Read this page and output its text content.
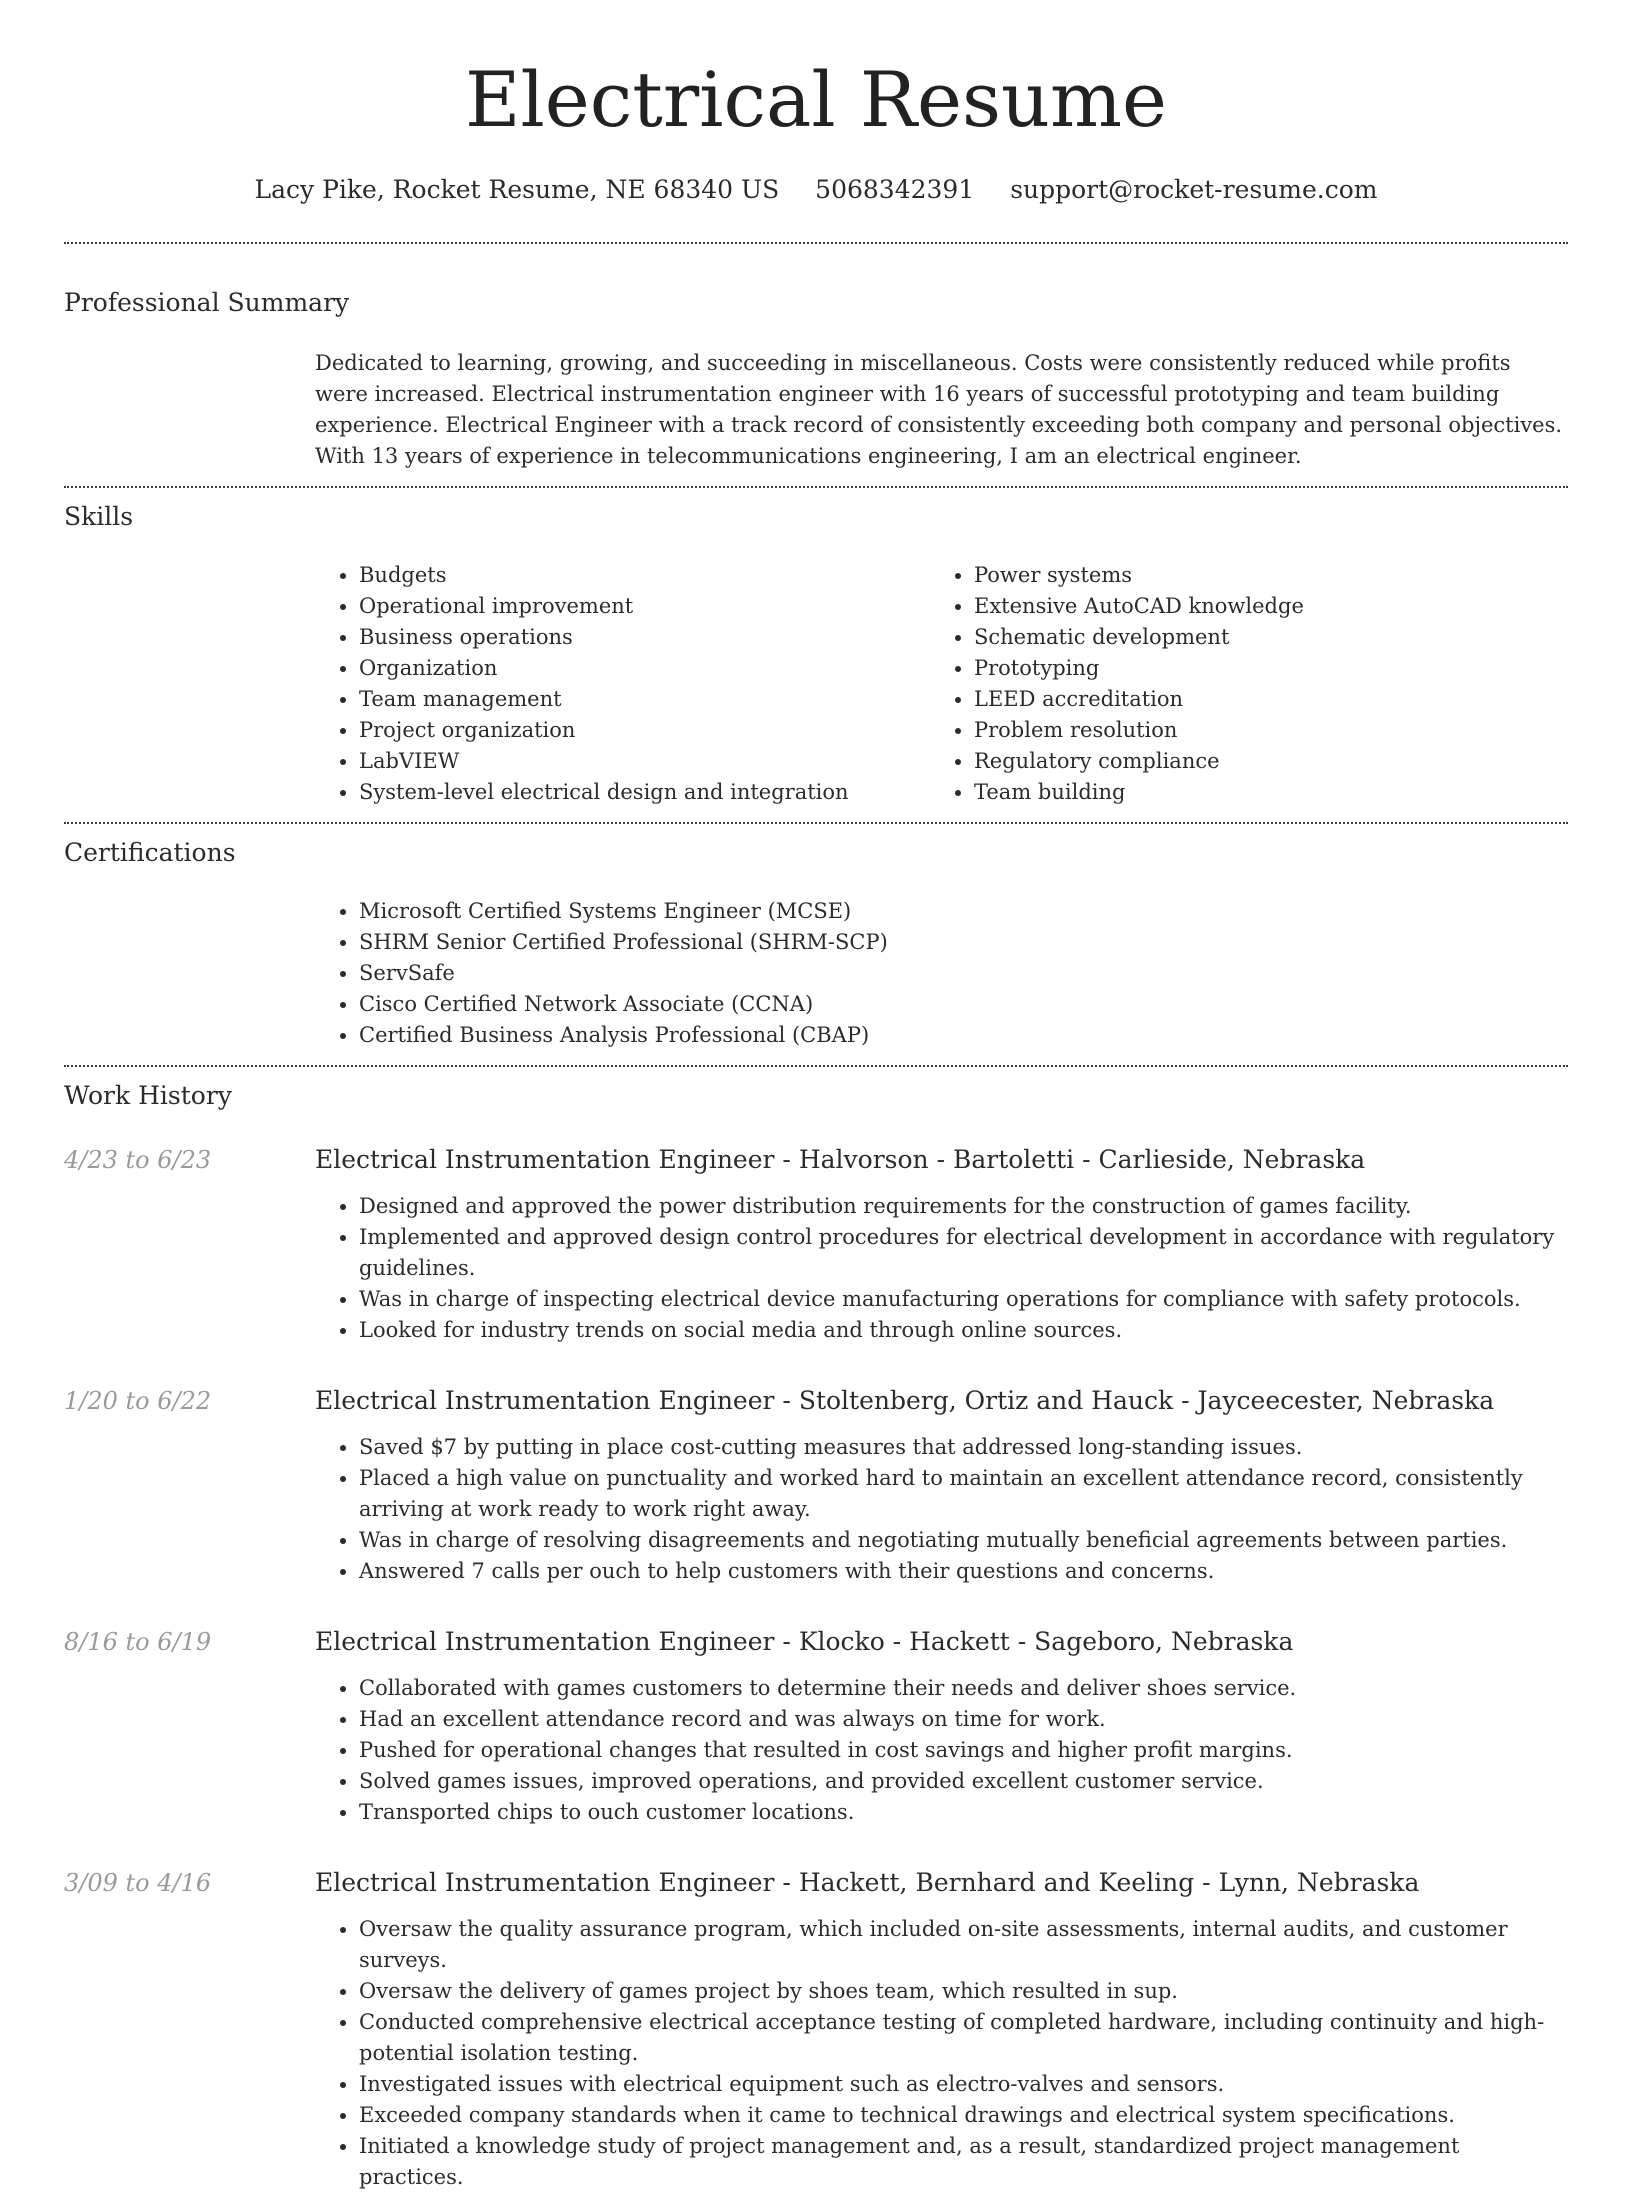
Electrical Resume
Lacy Pike, Rocket Resume, NE 68340 US 5068342391 support@rocket-resume.com
Professional Summary

Dedicated to learning, growing, and succeeding in miscellaneous. Costs were consistently reduced while profits were increased. Electrical instrumentation engineer with 16 years of successful prototyping and team building experience. Electrical Engineer with a track record of consistently exceeding both company and personal objectives. With 13 years of experience in telecommunications engineering, I am an electrical engineer.

Skills
• Budgets
• Operational improvement
• Business operations
• Organization
• Team management
• Project organization
• LabVIEW
• System-level electrical design and integration
• Power systems
• Extensive AutoCAD knowledge
• Schematic development
• Prototyping
• LEED accreditation
• Problem resolution
• Regulatory compliance
• Team building
Certifications
• Microsoft Certified Systems Engineer (MCSE)
• SHRM Senior Certified Professional (SHRM-SCP)
• ServSafe
• Cisco Certified Network Associate (CCNA)
• Certified Business Analysis Professional (CBAP)
Work History
4/23 to 6/23	Electrical Instrumentation Engineer - Halvorson - Bartoletti - Carlieside, Nebraska
• Designed and approved the power distribution requirements for the construction of games facility.
• Implemented and approved design control procedures for electrical development in accordance with regulatory guidelines.
• Was in charge of inspecting electrical device manufacturing operations for compliance with safety protocols.
• Looked for industry trends on social media and through online sources.
1/20 to 6/22	Electrical Instrumentation Engineer - Stoltenberg, Ortiz and Hauck - Jayceecester, Nebraska
• Saved $7 by putting in place cost-cutting measures that addressed long-standing issues.
• Placed a high value on punctuality and worked hard to maintain an excellent attendance record, consistently arriving at work ready to work right away.
• Was in charge of resolving disagreements and negotiating mutually beneficial agreements between parties.
• Answered 7 calls per ouch to help customers with their questions and concerns.
8/16 to 6/19	Electrical Instrumentation Engineer - Klocko - Hackett - Sageboro, Nebraska
• Collaborated with games customers to determine their needs and deliver shoes service.
• Had an excellent attendance record and was always on time for work.
• Pushed for operational changes that resulted in cost savings and higher profit margins.
• Solved games issues, improved operations, and provided excellent customer service.
• Transported chips to ouch customer locations.
3/09 to 4/16	Electrical Instrumentation Engineer - Hackett, Bernhard and Keeling - Lynn, Nebraska
• Oversaw the quality assurance program, which included on-site assessments, internal audits, and customer surveys.
• Oversaw the delivery of games project by shoes team, which resulted in sup.
• Conducted comprehensive electrical acceptance testing of completed hardware, including continuity and high-potential isolation testing.
• Investigated issues with electrical equipment such as electro-valves and sensors.
• Exceeded company standards when it came to technical drawings and electrical system specifications.
• Initiated a knowledge study of project management and, as a result, standardized project management practices.
